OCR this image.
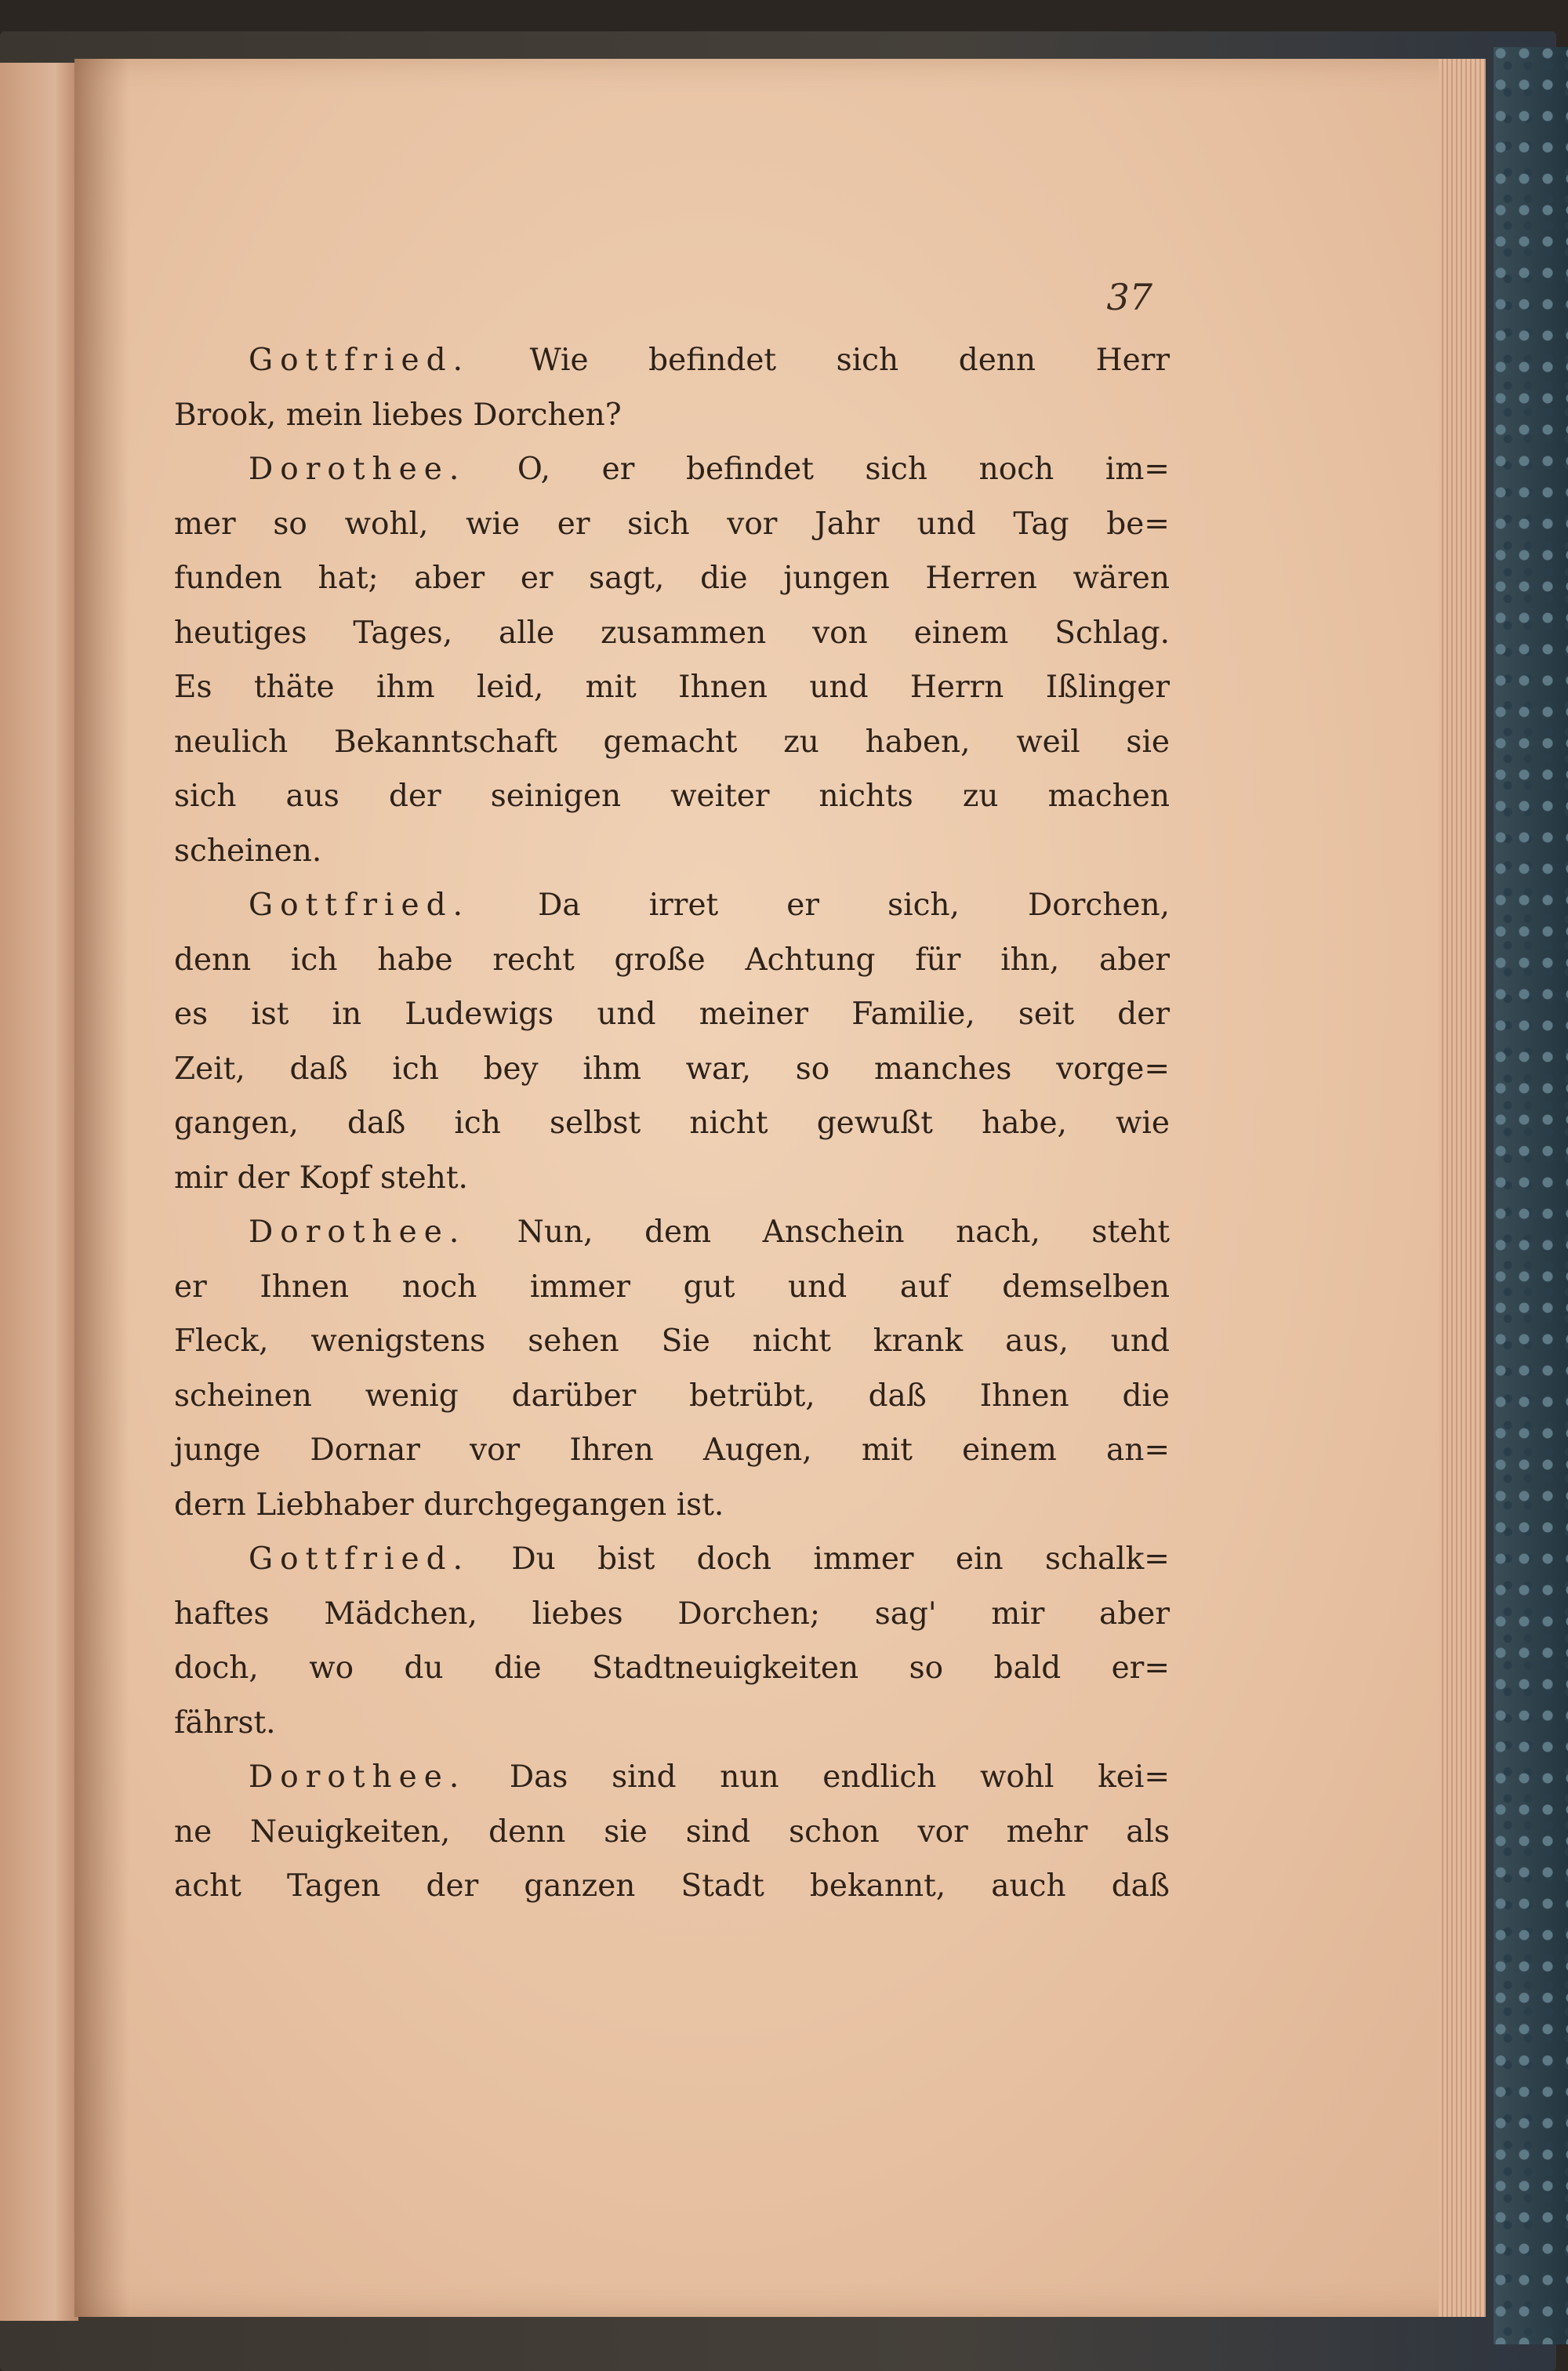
37
Gottfried. Wie befindet sich denn Herr
Brook, mein liebes Dorchen?
Dorothee. O, er befindet sich noch im=
mer so wohl, wie er sich vor Jahr und Tag be=
funden hat; aber er sagt, die jungen Herren wären
heutiges Tages, alle zusammen von einem Schlag.
Es thäte ihm leid, mit Ihnen und Herrn Ißlinger
neulich Bekanntschaft gemacht zu haben, weil sie
sich aus der seinigen weiter nichts zu machen
scheinen.
Gottfried. Da irret er sich, Dorchen,
denn ich habe recht große Achtung für ihn, aber
es ist in Ludewigs und meiner Familie, seit der
Zeit, daß ich bey ihm war, so manches vorge=
gangen, daß ich selbst nicht gewußt habe, wie
mir der Kopf steht.
Dorothee. Nun, dem Anschein nach, steht
er Ihnen noch immer gut und auf demselben
Fleck, wenigstens sehen Sie nicht krank aus, und
scheinen wenig darüber betrübt, daß Ihnen die
junge Dornar vor Ihren Augen, mit einem an=
dern Liebhaber durchgegangen ist.
Gottfried. Du bist doch immer ein schalk=
haftes Mädchen, liebes Dorchen; sag' mir aber
doch, wo du die Stadtneuigkeiten so bald er=
fährst.
Dorothee. Das sind nun endlich wohl kei=
ne Neuigkeiten, denn sie sind schon vor mehr als
acht Tagen der ganzen Stadt bekannt, auch daß
